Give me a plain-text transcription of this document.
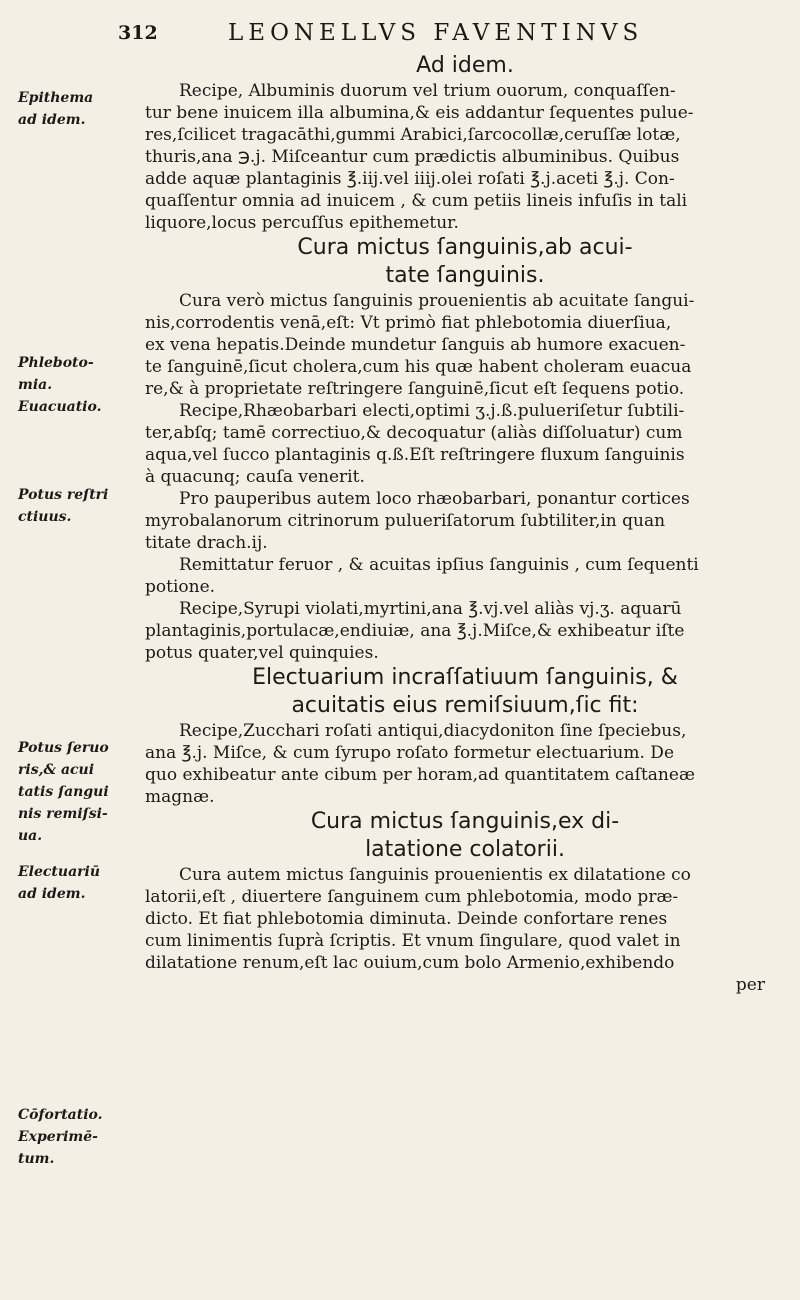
312	LEONELLVS FAVENTINVS
Epithema
ad idem.
Phleboto-
mia.
Euacuatio.
Potus reſtri
ctiuus.
Potus ſeruo
ris,& acui
tatis ſangui
nis remiſsi-
ua.
Electuariū
ad idem.
Cōfortatio.
Experimē-
tum.
Ad idem.
Recipe, Albuminis duorum vel trium ouorum, conquaſſen-
tur bene inuicem illa albumina,& eis addantur ſequentes pulue-
res,ſcilicet tragacāthi,gummi Arabici,ſarcocollæ,ceruſſæ lotæ,
thuris,ana ℈.j. Miſceantur cum prædictis albuminibus. Quibus
adde aquæ plantaginis ℥.iij.vel iiij.olei roſati ℥.j.aceti ℥.j. Con-
quaſſentur omnia ad inuicem , & cum petiis lineis infuſis in tali
liquore,locus percuſſus epithemetur.
Cura mictus ſanguinis,ab acui-
tate ſanguinis.
Cura verò mictus ſanguinis prouenientis ab acuitate ſangui-
nis,corrodentis venā,eſt: Vt primò fiat phlebotomia diuerſiua,
ex vena hepatis.Deinde mundetur ſanguis ab humore exacuen-
te ſanguinē,ſicut cholera,cum his quæ habent choleram euacua
re,& à proprietate reſtringere ſanguinē,ſicut eſt ſequens potio.
Recipe,Rhæobarbari electi,optimi ʒ.j.ß.pulueriſetur ſubtili-
ter,abſq; tamē correctiuo,& decoquatur (aliàs diſſoluatur) cum
aqua,vel ſucco plantaginis q.ß.Eſt reſtringere fluxum ſanguinis
à quacunq; cauſa venerit.
Pro pauperibus autem loco rhæobarbari, ponantur cortices
myrobalanorum citrinorum pulueriſatorum ſubtiliter,in quan
titate drach.ij.
Remittatur feruor , & acuitas ipſius ſanguinis , cum ſequenti
potione.
Recipe,Syrupi violati,myrtini,ana ℥.vj.vel aliàs vj.ʒ. aquarū
plantaginis,portulacæ,endiuiæ, ana ℥.j.Miſce,& exhibeatur iſte
potus quater,vel quinquies.
Electuarium incraſſatiuum ſanguinis, &
acuitatis eius remiſsiuum,ſic fit:
Recipe,Zucchari roſati antiqui,diacydoniton ſine ſpeciebus,
ana ℥.j. Miſce, & cum ſyrupo roſato formetur electuarium. De
quo exhibeatur ante cibum per horam,ad quantitatem caſtaneæ
magnæ.
Cura mictus ſanguinis,ex di-
latatione colatorii.
Cura autem mictus ſanguinis prouenientis ex dilatatione co
latorii,eſt , diuertere ſanguinem cum phlebotomia, modo præ-
dicto. Et fiat phlebotomia diminuta. Deinde confortare renes
cum linimentis ſuprà ſcriptis. Et vnum ſingulare, quod valet in
dilatatione renum,eſt lac ouium,cum bolo Armenio,exhibendo
per
